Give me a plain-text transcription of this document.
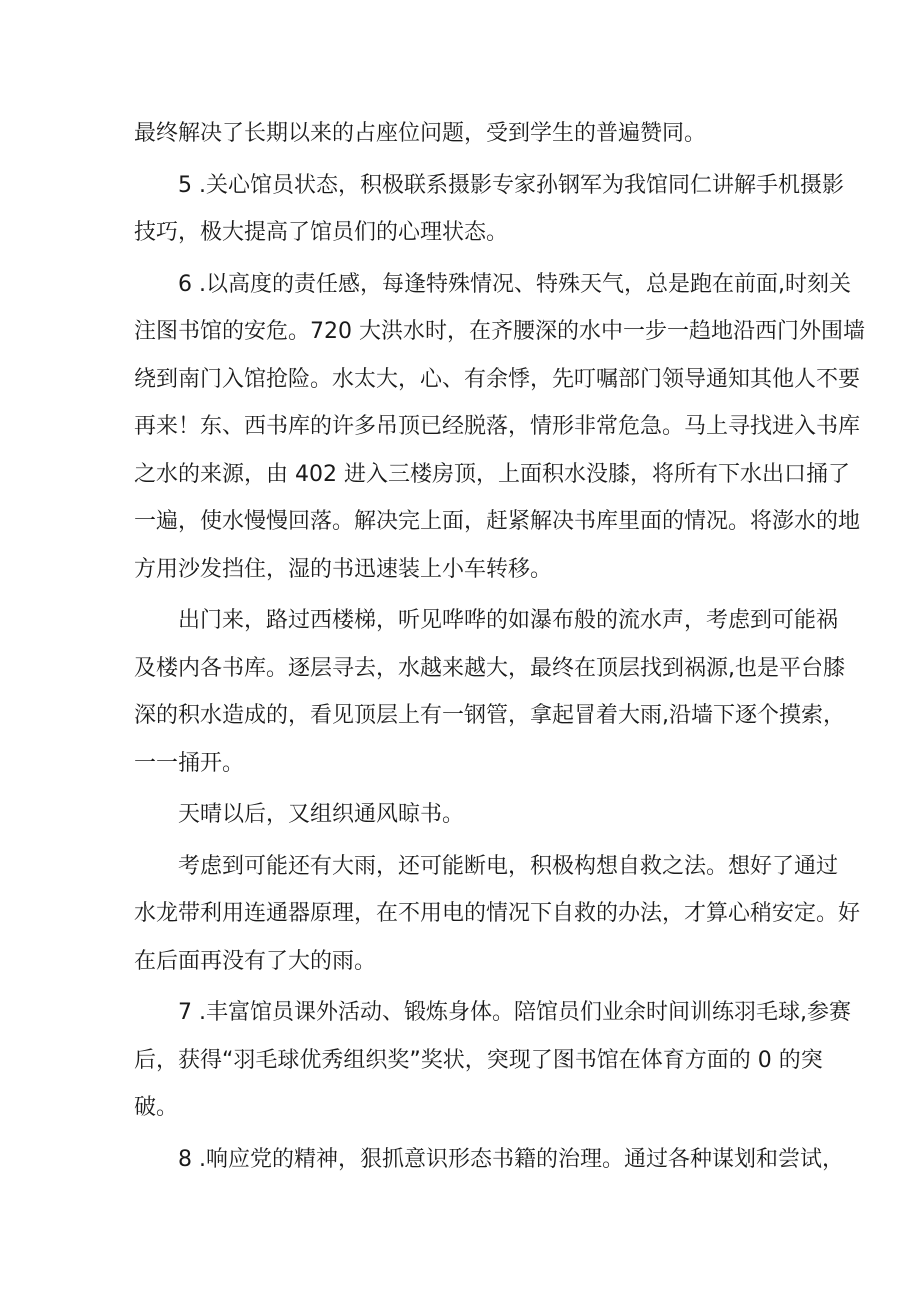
最终解决了长期以来的占座位问题，受到学生的普遍赞同。

5 .关心馆员状态，积极联系摄影专家孙钢军为我馆同仁讲解手机摄影
技巧，极大提高了馆员们的心理状态。

6 .以高度的责任感，每逢特殊情况、特殊天气，总是跑在前面,时刻关
注图书馆的安危。720 大洪水时，在齐腰深的水中一步一趋地沿西门外围墙
绕到南门入馆抢险。水太大，心、有余悸，先叮嘱部门领导通知其他人不要
再来！东、西书库的许多吊顶已经脱落，情形非常危急。马上寻找进入书库
之水的来源，由 402 进入三楼房顶，上面积水没膝，将所有下水出口捅了
一遍，使水慢慢回落。解决完上面，赶紧解决书库里面的情况。将澎水的地
方用沙发挡住，湿的书迅速装上小车转移。

出门来，路过西楼梯，听见哗哗的如瀑布般的流水声，考虑到可能祸
及楼内各书库。逐层寻去，水越来越大，最终在顶层找到祸源,也是平台膝
深的积水造成的，看见顶层上有一钢管，拿起冒着大雨,沿墙下逐个摸索，
一一捅开。

天晴以后，又组织通风晾书。

考虑到可能还有大雨，还可能断电，积极构想自救之法。想好了通过
水龙带利用连通器原理，在不用电的情况下自救的办法，才算心稍安定。好
在后面再没有了大的雨。

7 .丰富馆员课外活动、锻炼身体。陪馆员们业余时间训练羽毛球,参赛
后，获得“羽毛球优秀组织奖”奖状，突现了图书馆在体育方面的 0 的突
破。

8 .响应党的精神，狠抓意识形态书籍的治理。通过各种谋划和尝试，
